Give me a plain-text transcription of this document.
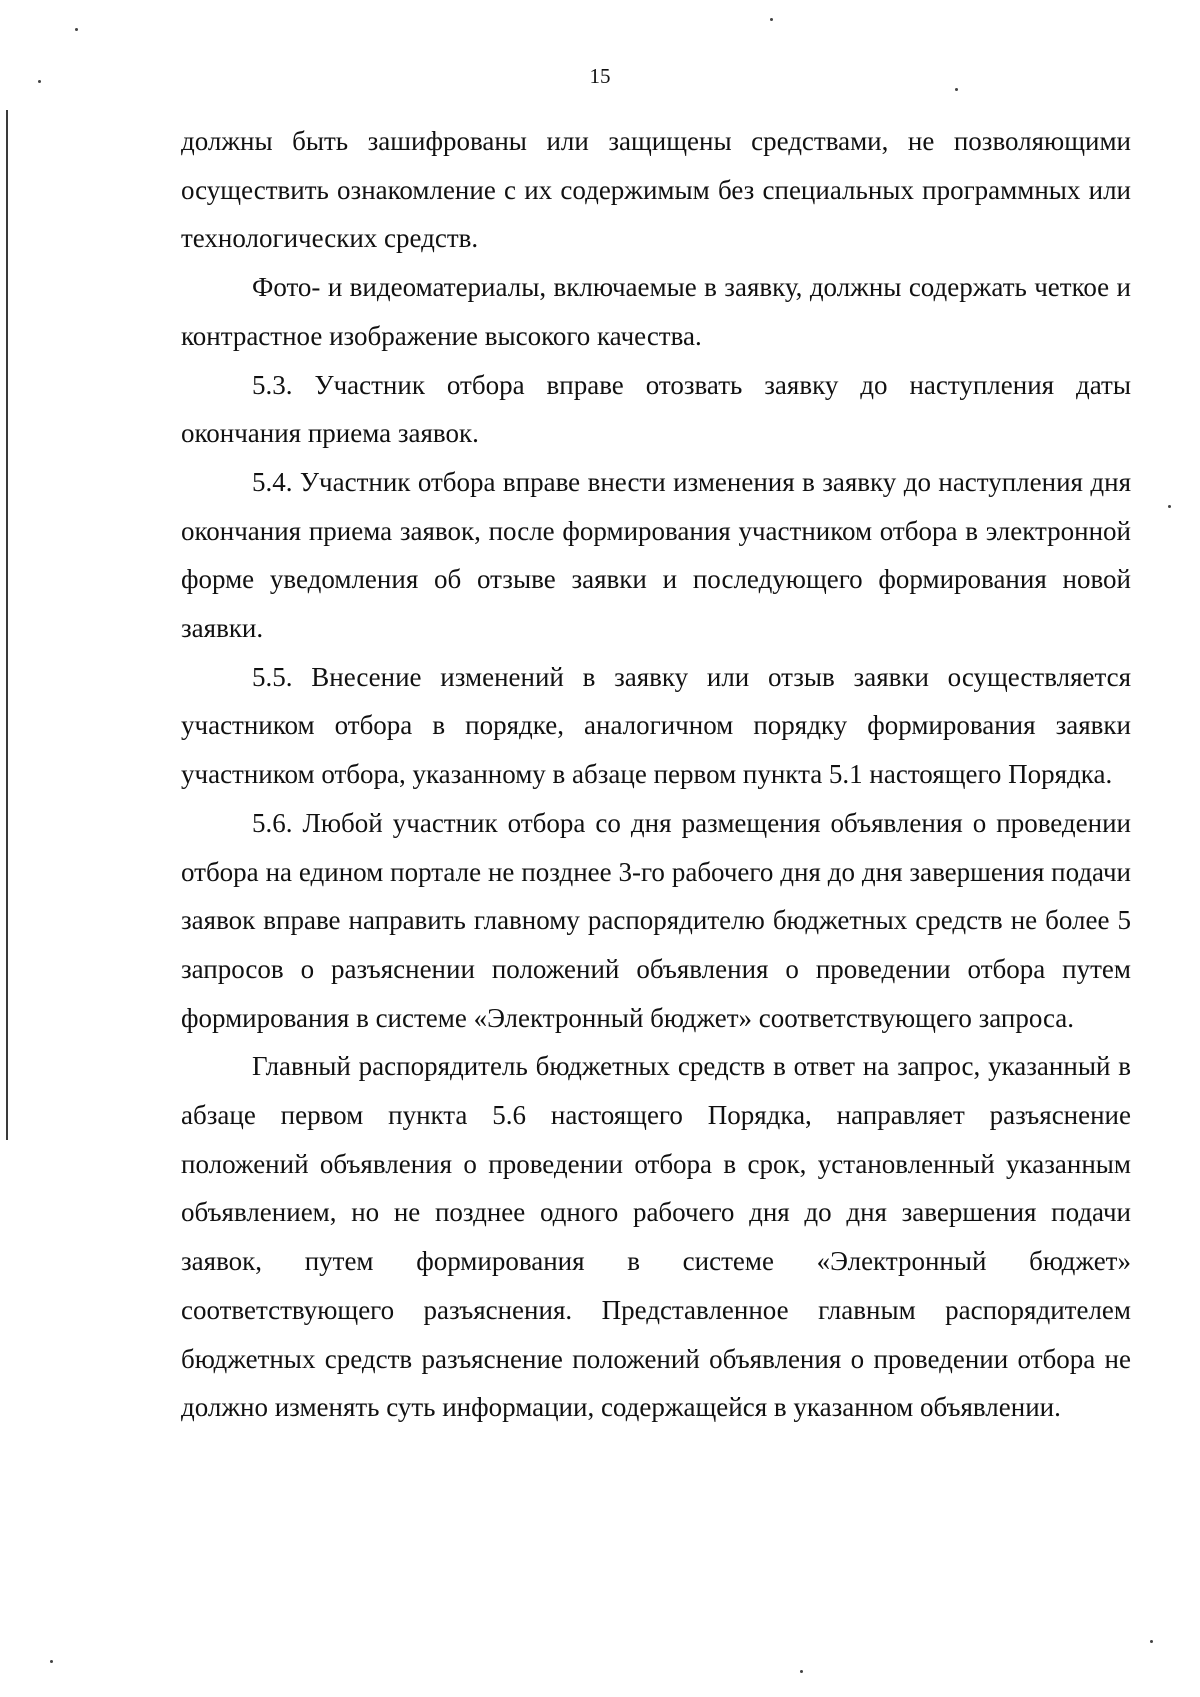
15

должны быть зашифрованы или защищены средствами, не позволяющими осуществить ознакомление с их содержимым без специальных программных или технологических средств.

Фото- и видеоматериалы, включаемые в заявку, должны содержать четкое и контрастное изображение высокого качества.

5.3. Участник отбора вправе отозвать заявку до наступления даты окончания приема заявок.

5.4. Участник отбора вправе внести изменения в заявку до наступления дня окончания приема заявок, после формирования участником отбора в электронной форме уведомления об отзыве заявки и последующего формирования новой заявки.

5.5. Внесение изменений в заявку или отзыв заявки осуществляется участником отбора в порядке, аналогичном порядку формирования заявки участником отбора, указанному в абзаце первом пункта 5.1 настоящего Порядка.

5.6. Любой участник отбора со дня размещения объявления о проведении отбора на едином портале не позднее 3-го рабочего дня до дня завершения подачи заявок вправе направить главному распорядителю бюджетных средств не более 5 запросов о разъяснении положений объявления о проведении отбора путем формирования в системе «Электронный бюджет» соответствующего запроса.

Главный распорядитель бюджетных средств в ответ на запрос, указанный в абзаце первом пункта 5.6 настоящего Порядка, направляет разъяснение положений объявления о проведении отбора в срок, установленный указанным объявлением, но не позднее одного рабочего дня до дня завершения подачи заявок, путем формирования в системе «Электронный бюджет» соответствующего разъяснения. Представленное главным распорядителем бюджетных средств разъяснение положений объявления о проведении отбора не должно изменять суть информации, содержащейся в указанном объявлении.
